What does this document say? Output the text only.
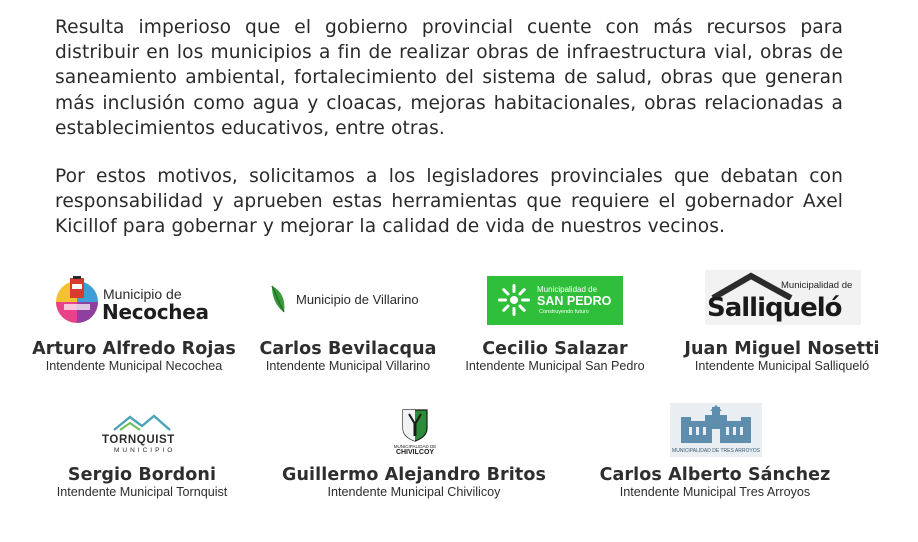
Resulta imperioso que el gobierno provincial cuente con más recursos para distribuir en los municipios a fin de realizar obras de infraestructura vial, obras de saneamiento ambiental, fortalecimiento del sistema de salud, obras que generan más inclusión como agua y cloacas, mejoras habitacionales, obras relacionadas a establecimientos educativos, entre otras.

Por estos motivos, solicitamos a los legisladores provinciales que debatan con responsabilidad y aprueben estas herramientas que requiere el gobernador Axel Kicillof para gobernar y mejorar la calidad de vida de nuestros vecinos.

Municipio de
Necochea
Municipio de Villarino
Municipalidad de
SAN PEDRO
Construyendo futuro
Municipalidad de
Salliqueló
Arturo Alfredo Rojas
Intendente Municipal Necochea
Carlos Bevilacqua
Intendente Municipal Villarino
Cecilio Salazar
Intendente Municipal San Pedro
Juan Miguel Nosetti
Intendente Municipal Salliqueló
TORNQUIST
MUNICIPIO
MUNICIPALIDAD DE
CHIVILCOY	MUNICIPALIDAD DE TRES ARROYOS
Sergio Bordoni
Intendente Municipal Tornquist
Guillermo Alejandro Britos
Intendente Municipal Chivilicoy
Carlos Alberto Sánchez
Intendente Municipal Tres Arroyos
